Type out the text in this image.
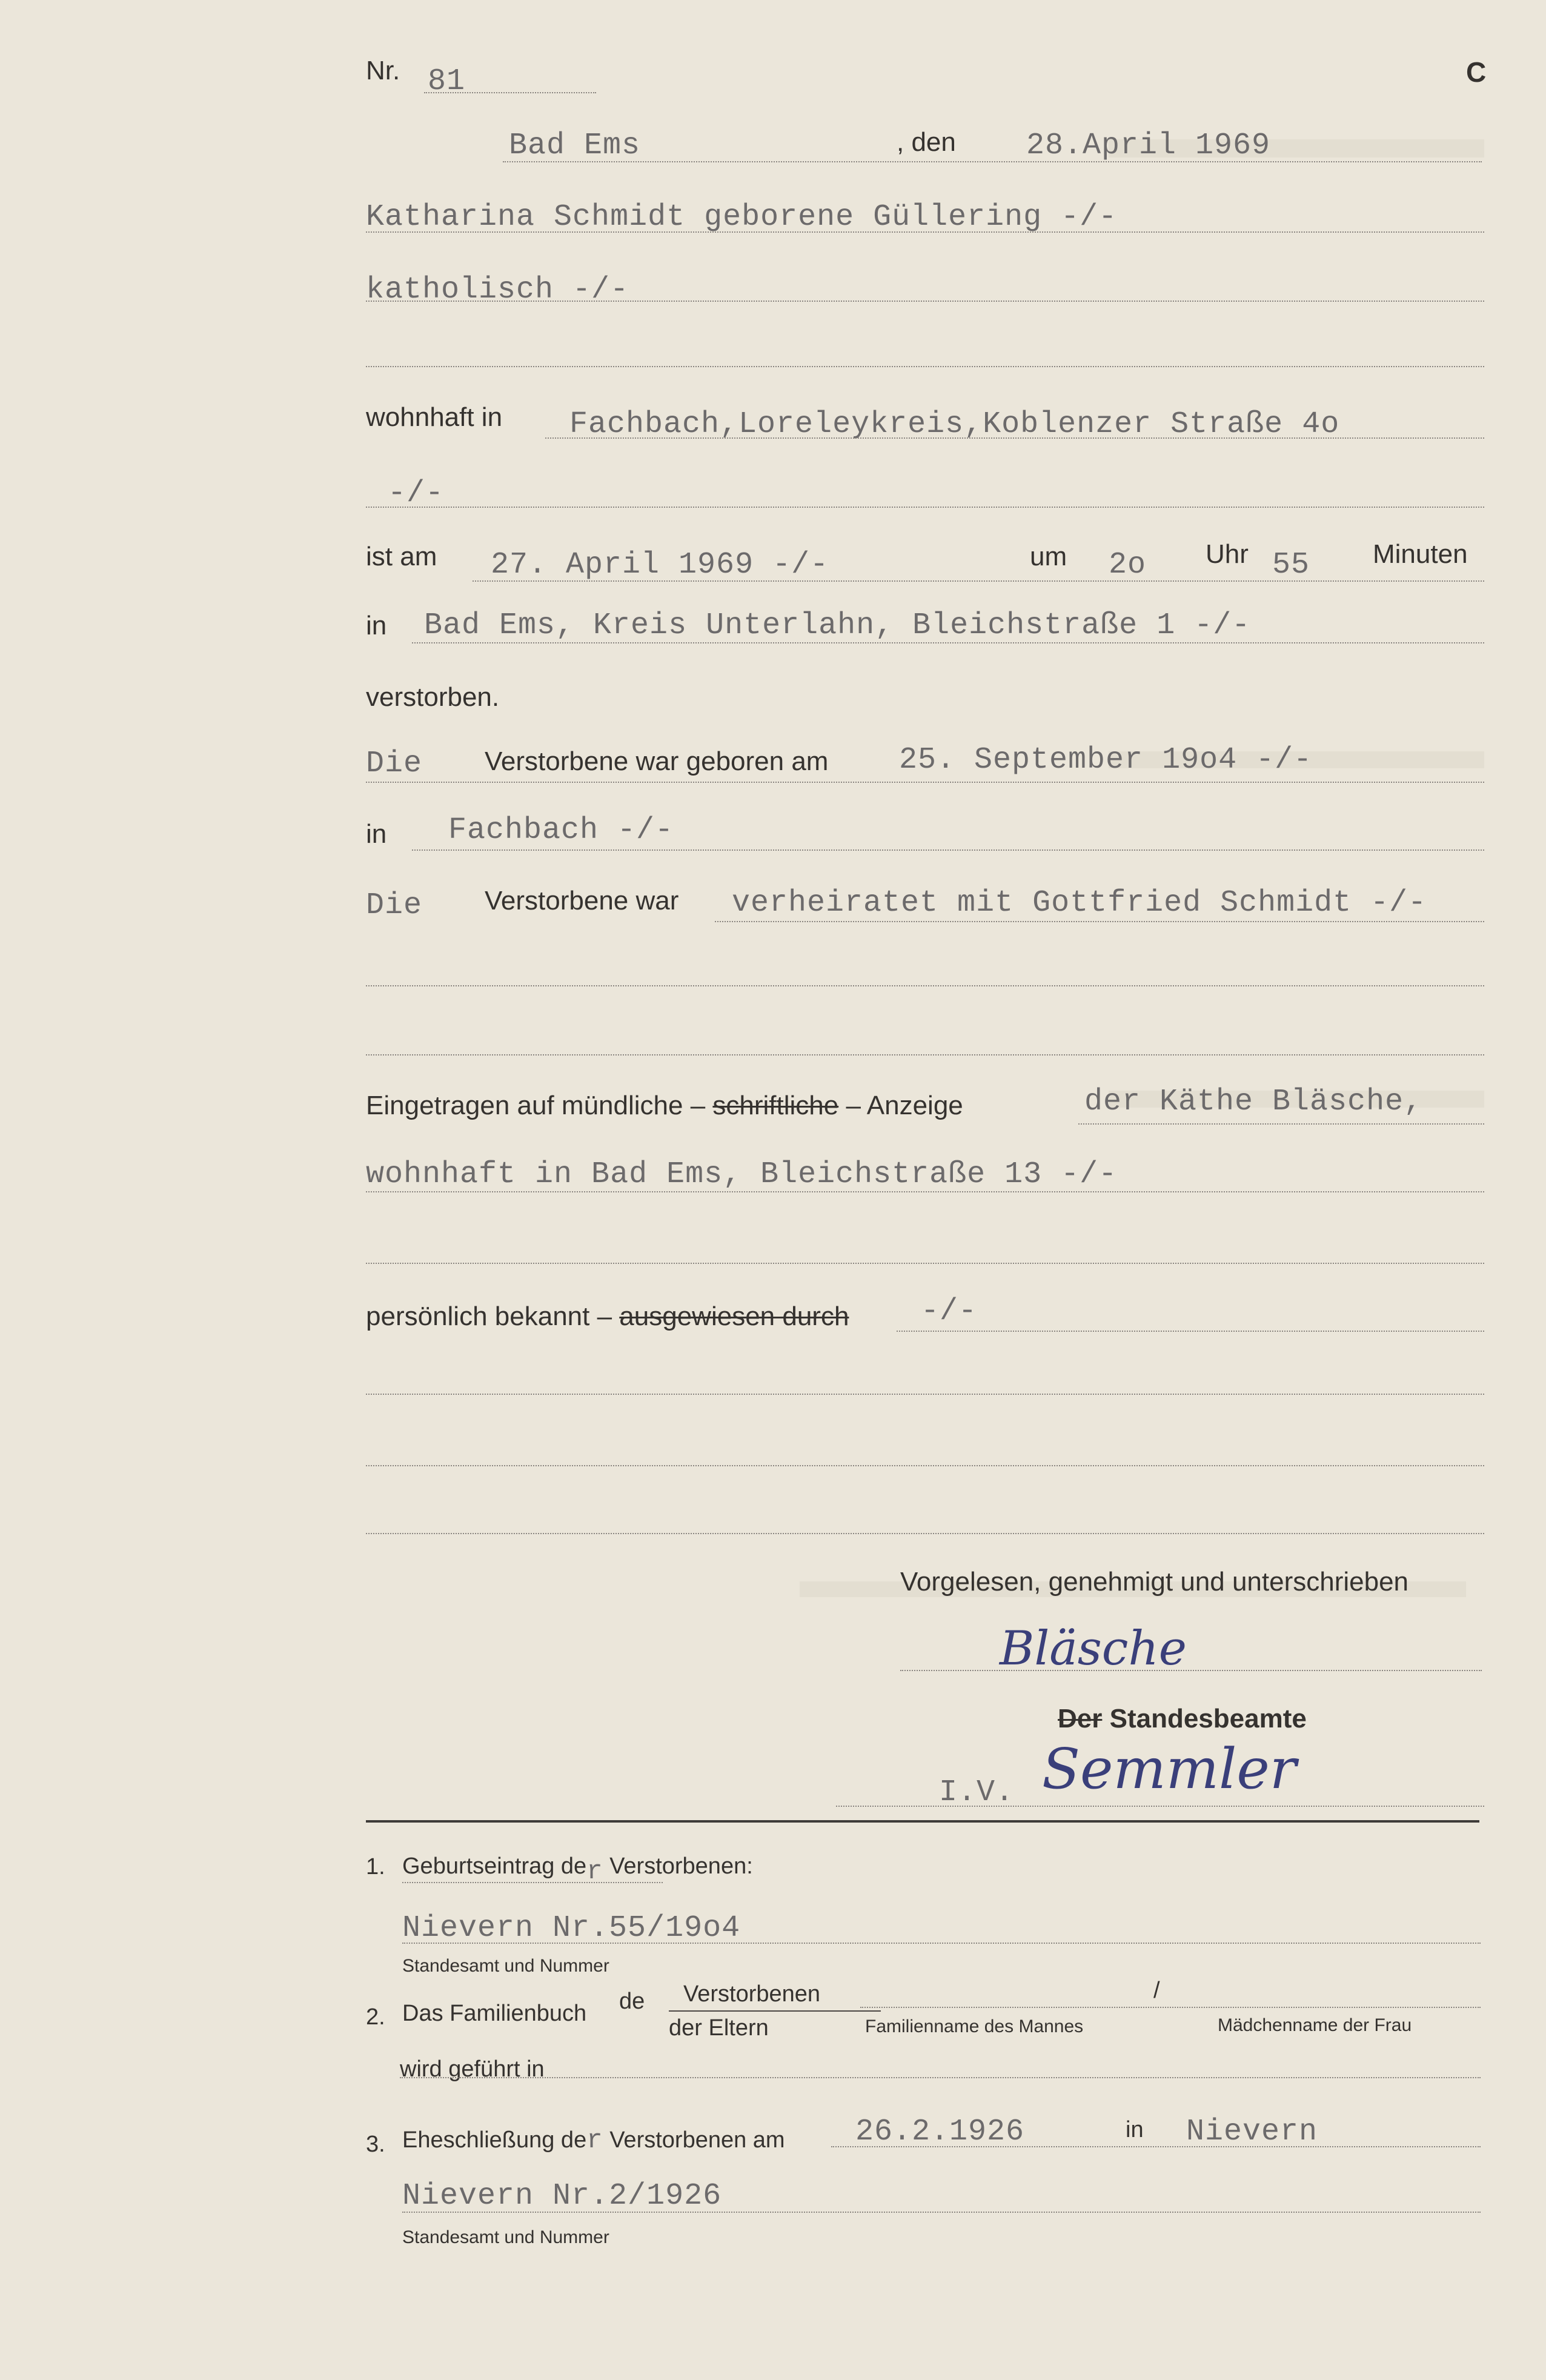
C
Nr. 81
Bad Ems	, den 28.April 1969
Katharina Schmidt geborene Güllering -/-
katholisch -/-
wohnhaft in Fachbach,Loreleykreis,Koblenzer Straße 4o
-/-
ist am 27. April 1969 -/-	um 2o Uhr 55 Minuten
in Bad Ems, Kreis Unterlahn, Bleichstraße 1 -/-
verstorben.
Die Verstorbene war geboren am 25. September 19o4 -/-
in Fachbach -/-
Die Verstorbene war verheiratet mit Gottfried Schmidt -/-
Eingetragen auf mündliche – schriftliche – Anzeige	der Käthe Bläsche,
wohnhaft in Bad Ems, Bleichstraße 13 -/-
persönlich bekannt – ausgewiesen durch -/-
Vorgelesen, genehmigt und unterschrieben
Bläsche
Der Standesbeamte
I.V. Semmler
1. Geburtseintrag der Verstorbenen:
Nievern Nr.55/19o4
Standesamt und Nummer
2. Das Familienbuch de Verstorbenen
der Eltern
/
Familienname des Mannes	Mädchenname der Frau
wird geführt in
3. Eheschließung der Verstorbenen am 26.2.1926	in Nievern
Nievern Nr.2/1926
Standesamt und Nummer
